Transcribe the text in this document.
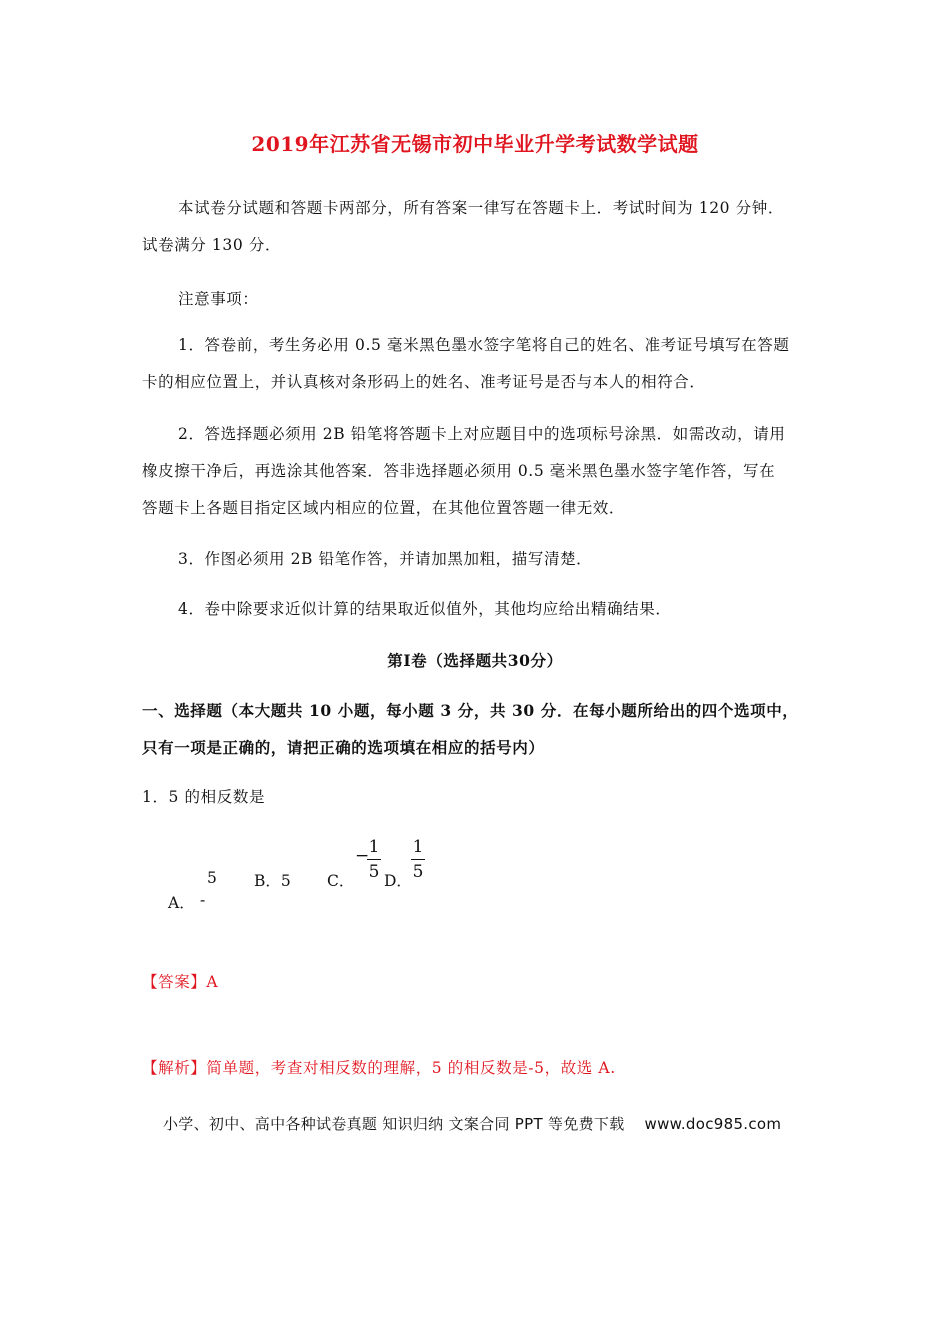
2019年江苏省无锡市初中毕业升学考试数学试题
本试卷分试题和答题卡两部分，所有答案一律写在答题卡上．考试时间为 120 分钟．
试卷满分 130 分．
注意事项：
1．答卷前，考生务必用 0.5 毫米黑色墨水签字笔将自己的姓名、准考证号填写在答题
卡的相应位置上，并认真核对条形码上的姓名、准考证号是否与本人的相符合．
2．答选择题必须用 2B 铅笔将答题卡上对应题目中的选项标号涂黑．如需改动，请用
橡皮擦干净后，再选涂其他答案．答非选择题必须用 0.5 毫米黑色墨水签字笔作答，写在
答题卡上各题目指定区域内相应的位置，在其他位置答题一律无效．
3．作图必须用 2B 铅笔作答，并请加黑加粗，描写清楚．
4．卷中除要求近似计算的结果取近似值外，其他均应给出精确结果．
第Ⅰ卷（选择题共30分）
一、选择题（本大题共 10 小题，每小题 3 分，共 30 分．在每小题所给出的四个选项中，
只有一项是正确的，请把正确的选项填在相应的括号内）
1．5 的相反数是
5
A． -
B．5 C．
− 1
5 D．
1
5
【答案】A
【解析】简单题，考查对相反数的理解，5 的相反数是-5，故选 A.
小学、初中、高中各种试卷真题 知识归纳 文案合同 PPT 等免费下载 www.doc985.com
